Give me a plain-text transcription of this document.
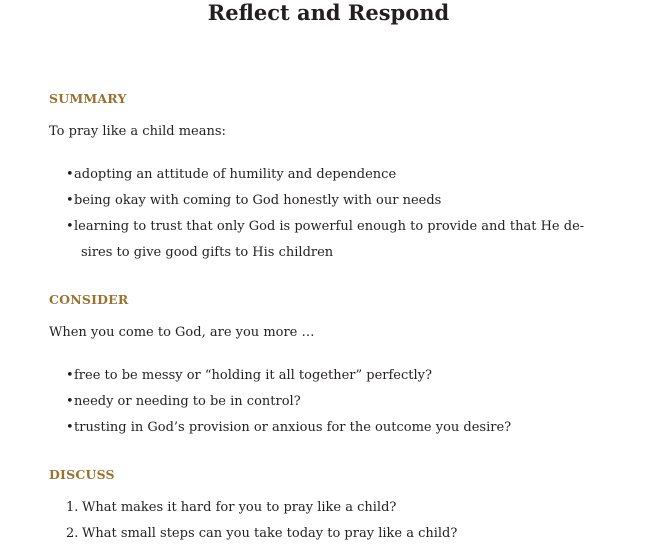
Reflect and Respond
SUMMARY

To pray like a child means:

• adopting an attitude of humility and dependence
• being okay with coming to God honestly with our needs
• learning to trust that only God is powerful enough to provide and that He de-
sires to give good gifts to His children
CONSIDER

When you come to God, are you more …

• free to be messy or “holding it all together” perfectly?
• needy or needing to be in control?
• trusting in God’s provision or anxious for the outcome you desire?
DISCUSS
1. What makes it hard for you to pray like a child?
2. What small steps can you take today to pray like a child?
